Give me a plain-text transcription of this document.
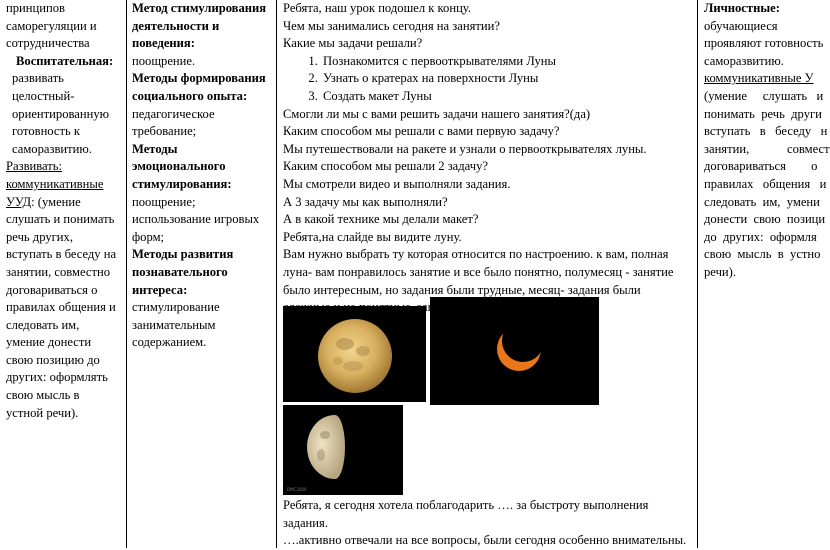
принципов

саморегуляции и

сотрудничества

Воспитательная:

развивать

целостный-

ориентированную

готовность к

саморазвитию.

Развивать:

коммуникативные

УУД: (умение

слушать и понимать

речь других,

вступать в беседу на

занятии, совместно

договариваться о

правилах общения и

следовать им,

умение донести

свою позицию до

других: оформлять

свою мысль в

устной речи).

Метод стимулирования

деятельности и

поведения:

поощрение.

Методы формирования

социального опыта:

педагогическое

требование;

Методы

эмоционального

стимулирования:

поощрение;

использование игровых

форм;

Методы развития

познавательного

интереса:

стимулирование

занимательным

содержанием.

Ребята, наш урок подошел к концу.

Чем мы занимались сегодня на занятии?

Какие мы задачи решали?

1. Познакомится с первооткрывателями Луны
2. Узнать о кратерах на поверхности Луны
3. Создать макет Луны

Смогли ли мы с вами решить задачи нашего занятия?(да)

Каким способом мы решали с вами первую задачу?

Мы путешествовали на ракете и узнали о первооткрывателях луны.

Каким способом мы решали 2 задачу?

Мы смотрели видео и выполняли задания.

А 3 задачу мы как выполняли?

А в какой технике мы делали макет?

Ребята,на слайде вы видите луну.

Вам нужно выбрать ту которая относится по настроению. к вам, полная

луна- вам понравилось занятие и все было понятно, полумесяц - занятие

было интересным, но задания были трудные, месяц- задания были

DMC2000

Ребята, я сегодня хотела поблагодарить …. за быстроту выполнения

задания.

….активно отвечали на все вопросы, были сегодня особенно внимательны.

Личностные:

обучающиеся

проявляют готовность

саморазвитию.

коммуникативные У

(умение     слушать   и

понимать  речь  други

вступать   в   беседу   н

занятии,            совмест

договариваться        о

правилах   общения   и

следовать  им,  умени

донести  свою  позици

до  других:  оформля

свою  мысль  в  устно

речи).
